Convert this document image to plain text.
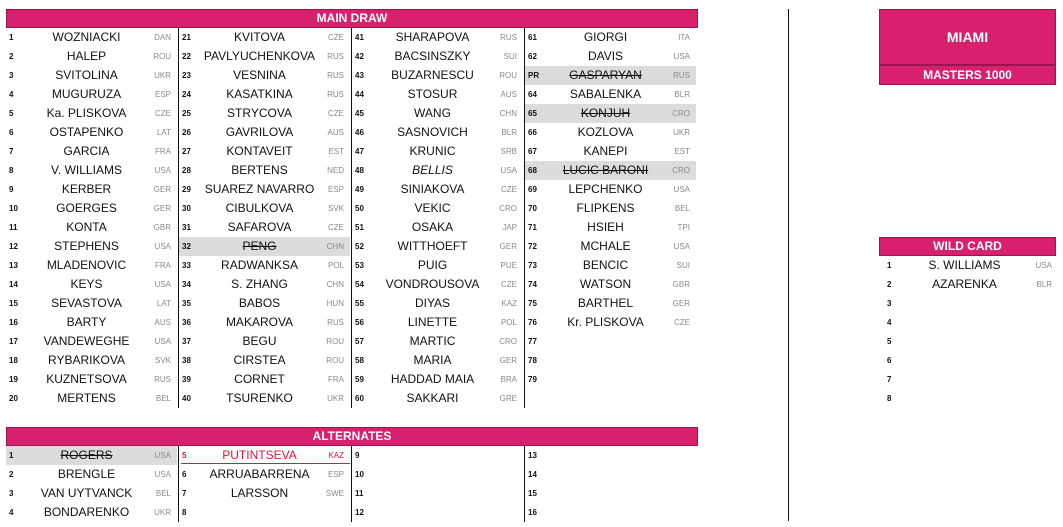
MAIN DRAW
1	WOZNIACKI	DAN
2	HALEP	ROU
3	SVITOLINA	UKR
4	MUGURUZA	ESP
5	Ka. PLISKOVA	CZE
6	OSTAPENKO	LAT
7	GARCIA	FRA
8	V. WILLIAMS	USA
9	KERBER	GER
10	GOERGES	GER
11	KONTA	GBR
12	STEPHENS	USA
13	MLADENOVIC	FRA
14	KEYS	USA
15	SEVASTOVA	LAT
16	BARTY	AUS
17	VANDEWEGHE	USA
18	RYBARIKOVA	SVK
19	KUZNETSOVA	RUS
20	MERTENS	BEL
21	KVITOVA	CZE
22 PAVLYUCHENKOVA	RUS
23	VESNINA	RUS
24	KASATKINA	RUS
25	STRYCOVA	CZE
26	GAVRILOVA	AUS
27	KONTAVEIT	EST
28	BERTENS	NED
29	SUAREZ NAVARRO	ESP
30	CIBULKOVA	SVK
31	SAFAROVA	CZE
32	PENG	CHN
33	RADWANKSA	POL
34	S. ZHANG	CHN
35	BABOS	HUN
36	MAKAROVA	RUS
37	BEGU	ROU
38	CIRSTEA	ROU
39	CORNET	FRA
40	TSURENKO	UKR
41	SHARAPOVA	RUS
42	BACSINSZKY	SUI
43	BUZARNESCU	ROU
44	STOSUR	AUS
45	WANG	CHN
46	SASNOVICH	BLR
47	KRUNIC	SRB
48	BELLIS	USA
49	SINIAKOVA	CZE
50	VEKIC	CRO
51	OSAKA	JAP
52	WITTHOEFT	GER
53	PUIG	PUE
54	VONDROUSOVA	CZE
55	DIYAS	KAZ
56	LINETTE	POL
57	MARTIC	CRO
58	MARIA	GER
59	HADDAD MAIA	BRA
60	SAKKARI	GRE
61	GIORGI	ITA
62	DAVIS	USA
PR	GASPARYAN	RUS
64	SABALENKA	BLR
65	KONJUH	CRO
66	KOZLOVA	UKR
67	KANEPI	EST
68	LUCIC BARONI	CRO
69	LEPCHENKO	USA
70	FLIPKENS	BEL
71	HSIEH	TPI
72	MCHALE	USA
73	BENCIC	SUI
74	WATSON	GBR
75	BARTHEL	GER
76	Kr. PLISKOVA	CZE
77
78
79
ALTERNATES
1	ROGERS	USA
2	BRENGLE	USA
3	VAN UYTVANCK	BEL
4	BONDARENKO	UKR
5	PUTINTSEVA	KAZ
6	ARRUABARRENA	ESP
7	LARSSON	SWE
8
9
10
11
12
13
14
15
16
MIAMI
MASTERS 1000
WILD CARD
1	S. WILLIAMS	USA
2	AZARENKA	BLR
3
4
5
6
7
8
